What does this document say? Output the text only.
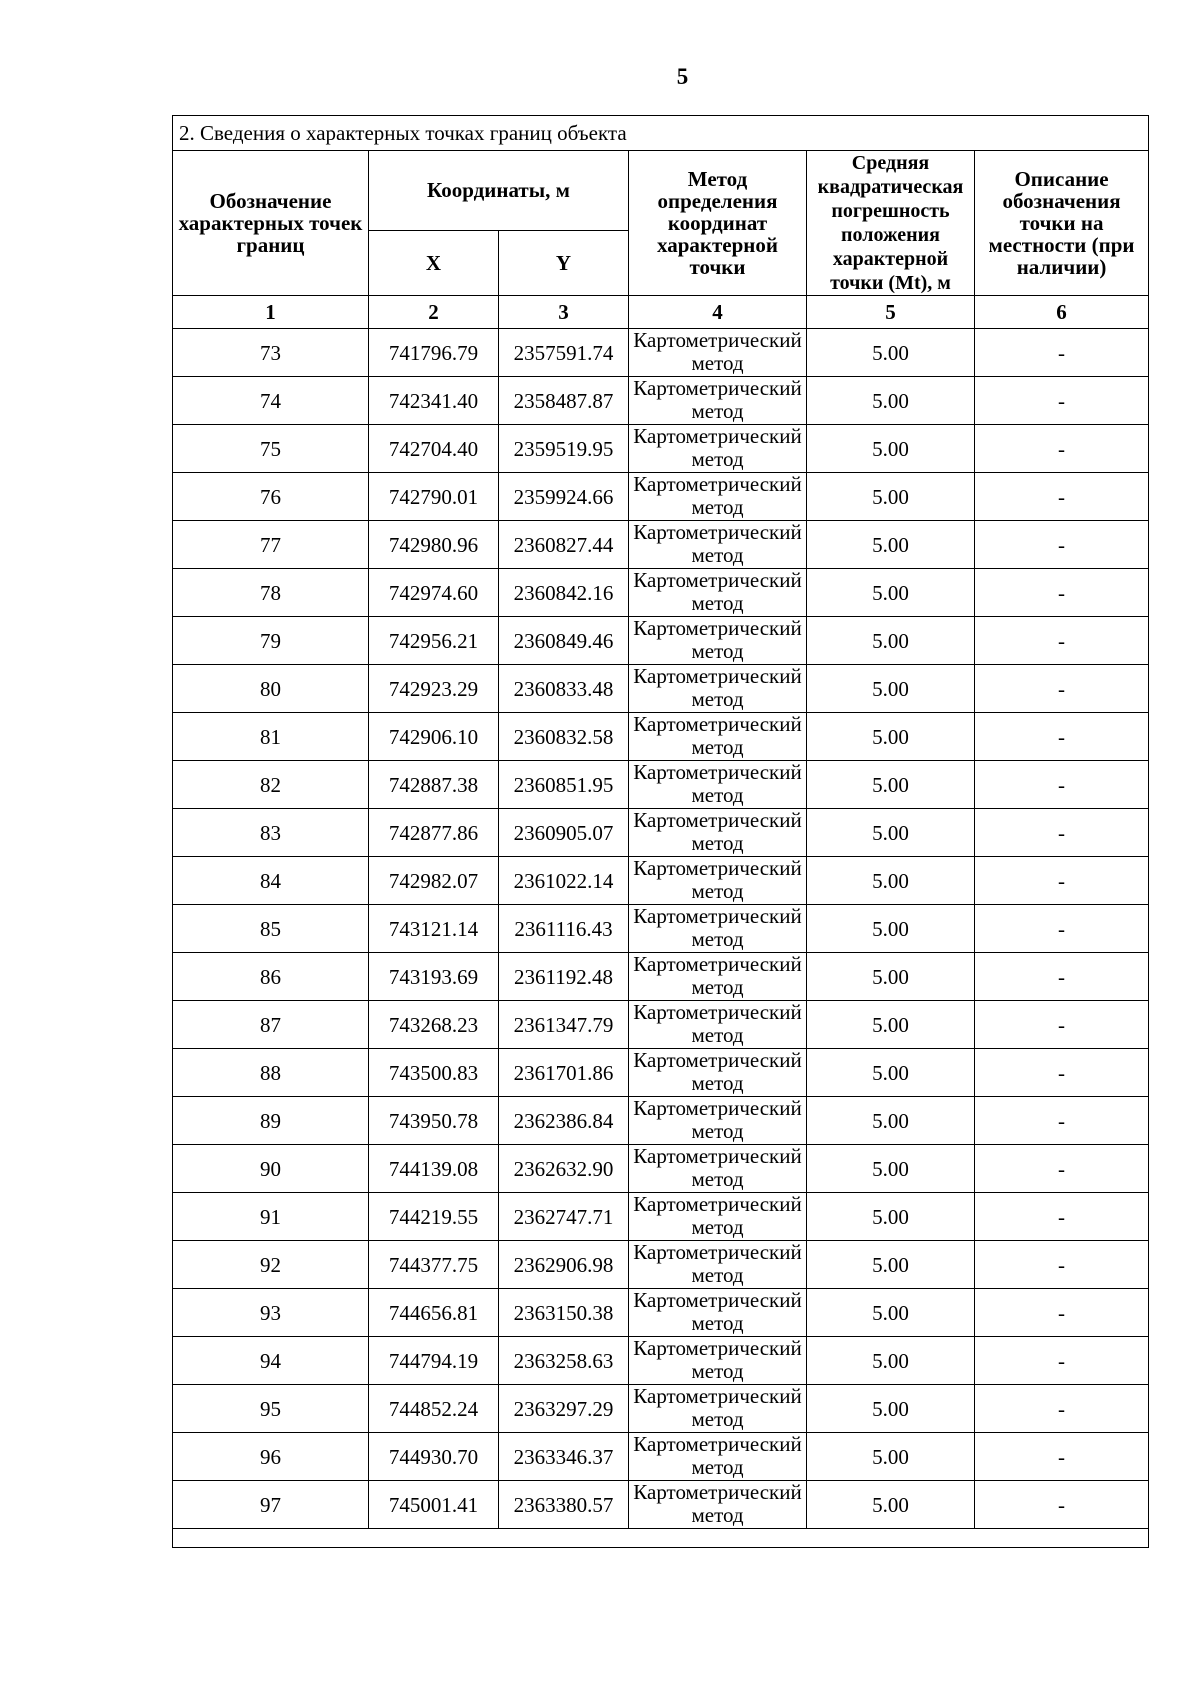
5
2. Сведения о характерных точках границ объекта					
Обозначение характерных точек границ	Координаты, м		Метод определения координат характерной точки	Средняя квадратическая погрешность положения характерной точки (Mt), м	Описание обозначения точки на местности (при наличии)
	X	Y			
1	2	3	4	5	6
73	741796.79	2357591.74	Картометрический метод	5.00	-
74	742341.40	2358487.87	Картометрический метод	5.00	-
75	742704.40	2359519.95	Картометрический метод	5.00	-
76	742790.01	2359924.66	Картометрический метод	5.00	-
77	742980.96	2360827.44	Картометрический метод	5.00	-
78	742974.60	2360842.16	Картометрический метод	5.00	-
79	742956.21	2360849.46	Картометрический метод	5.00	-
80	742923.29	2360833.48	Картометрический метод	5.00	-
81	742906.10	2360832.58	Картометрический метод	5.00	-
82	742887.38	2360851.95	Картометрический метод	5.00	-
83	742877.86	2360905.07	Картометрический метод	5.00	-
84	742982.07	2361022.14	Картометрический метод	5.00	-
85	743121.14	2361116.43	Картометрический метод	5.00	-
86	743193.69	2361192.48	Картометрический метод	5.00	-
87	743268.23	2361347.79	Картометрический метод	5.00	-
88	743500.83	2361701.86	Картометрический метод	5.00	-
89	743950.78	2362386.84	Картометрический метод	5.00	-
90	744139.08	2362632.90	Картометрический метод	5.00	-
91	744219.55	2362747.71	Картометрический метод	5.00	-
92	744377.75	2362906.98	Картометрический метод	5.00	-
93	744656.81	2363150.38	Картометрический метод	5.00	-
94	744794.19	2363258.63	Картометрический метод	5.00	-
95	744852.24	2363297.29	Картометрический метод	5.00	-
96	744930.70	2363346.37	Картометрический метод	5.00	-
97	745001.41	2363380.57	Картометрический метод	5.00	-
